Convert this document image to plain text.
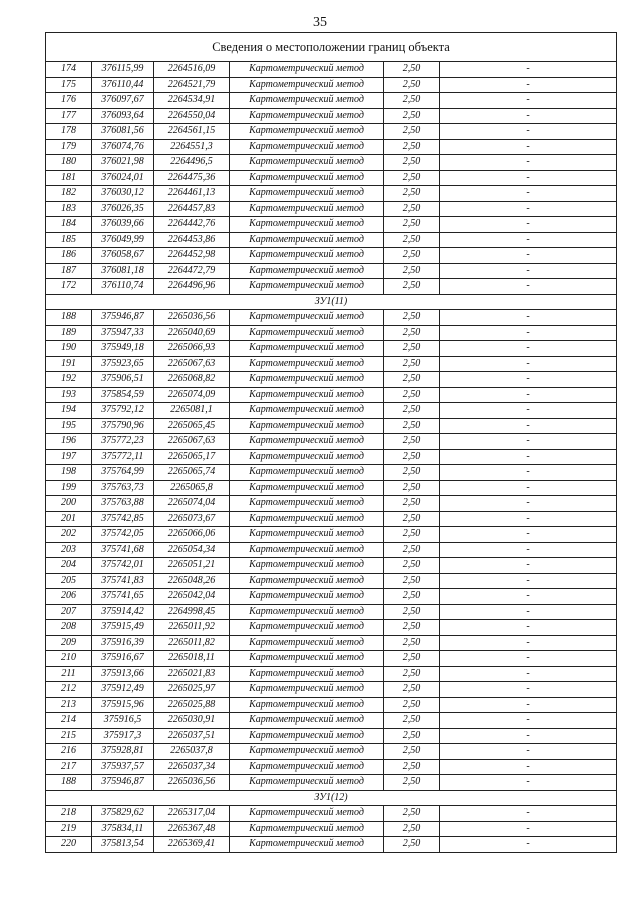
35
Сведения о местоположении границ объекта					
174	376115,99	2264516,09	Картометрический метод	2,50	-
175	376110,44	2264521,79	Картометрический метод	2,50	-
176	376097,67	2264534,91	Картометрический метод	2,50	-
177	376093,64	2264550,04	Картометрический метод	2,50	-
178	376081,56	2264561,15	Картометрический метод	2,50	-
179	376074,76	2264551,3	Картометрический метод	2,50	-
180	376021,98	2264496,5	Картометрический метод	2,50	-
181	376024,01	2264475,36	Картометрический метод	2,50	-
182	376030,12	2264461,13	Картометрический метод	2,50	-
183	376026,35	2264457,83	Картометрический метод	2,50	-
184	376039,66	2264442,76	Картометрический метод	2,50	-
185	376049,99	2264453,86	Картометрический метод	2,50	-
186	376058,67	2264452,98	Картометрический метод	2,50	-
187	376081,18	2264472,79	Картометрический метод	2,50	-
172	376110,74	2264496,96	Картометрический метод	2,50	-
ЗУ1(11)					
188	375946,87	2265036,56	Картометрический метод	2,50	-
189	375947,33	2265040,69	Картометрический метод	2,50	-
190	375949,18	2265066,93	Картометрический метод	2,50	-
191	375923,65	2265067,63	Картометрический метод	2,50	-
192	375906,51	2265068,82	Картометрический метод	2,50	-
193	375854,59	2265074,09	Картометрический метод	2,50	-
194	375792,12	2265081,1	Картометрический метод	2,50	-
195	375790,96	2265065,45	Картометрический метод	2,50	-
196	375772,23	2265067,63	Картометрический метод	2,50	-
197	375772,11	2265065,17	Картометрический метод	2,50	-
198	375764,99	2265065,74	Картометрический метод	2,50	-
199	375763,73	2265065,8	Картометрический метод	2,50	-
200	375763,88	2265074,04	Картометрический метод	2,50	-
201	375742,85	2265073,67	Картометрический метод	2,50	-
202	375742,05	2265066,06	Картометрический метод	2,50	-
203	375741,68	2265054,34	Картометрический метод	2,50	-
204	375742,01	2265051,21	Картометрический метод	2,50	-
205	375741,83	2265048,26	Картометрический метод	2,50	-
206	375741,65	2265042,04	Картометрический метод	2,50	-
207	375914,42	2264998,45	Картометрический метод	2,50	-
208	375915,49	2265011,92	Картометрический метод	2,50	-
209	375916,39	2265011,82	Картометрический метод	2,50	-
210	375916,67	2265018,11	Картометрический метод	2,50	-
211	375913,66	2265021,83	Картометрический метод	2,50	-
212	375912,49	2265025,97	Картометрический метод	2,50	-
213	375915,96	2265025,88	Картометрический метод	2,50	-
214	375916,5	2265030,91	Картометрический метод	2,50	-
215	375917,3	2265037,51	Картометрический метод	2,50	-
216	375928,81	2265037,8	Картометрический метод	2,50	-
217	375937,57	2265037,34	Картометрический метод	2,50	-
188	375946,87	2265036,56	Картометрический метод	2,50	-
ЗУ1(12)					
218	375829,62	2265317,04	Картометрический метод	2,50	-
219	375834,11	2265367,48	Картометрический метод	2,50	-
220	375813,54	2265369,41	Картометрический метод	2,50	-
